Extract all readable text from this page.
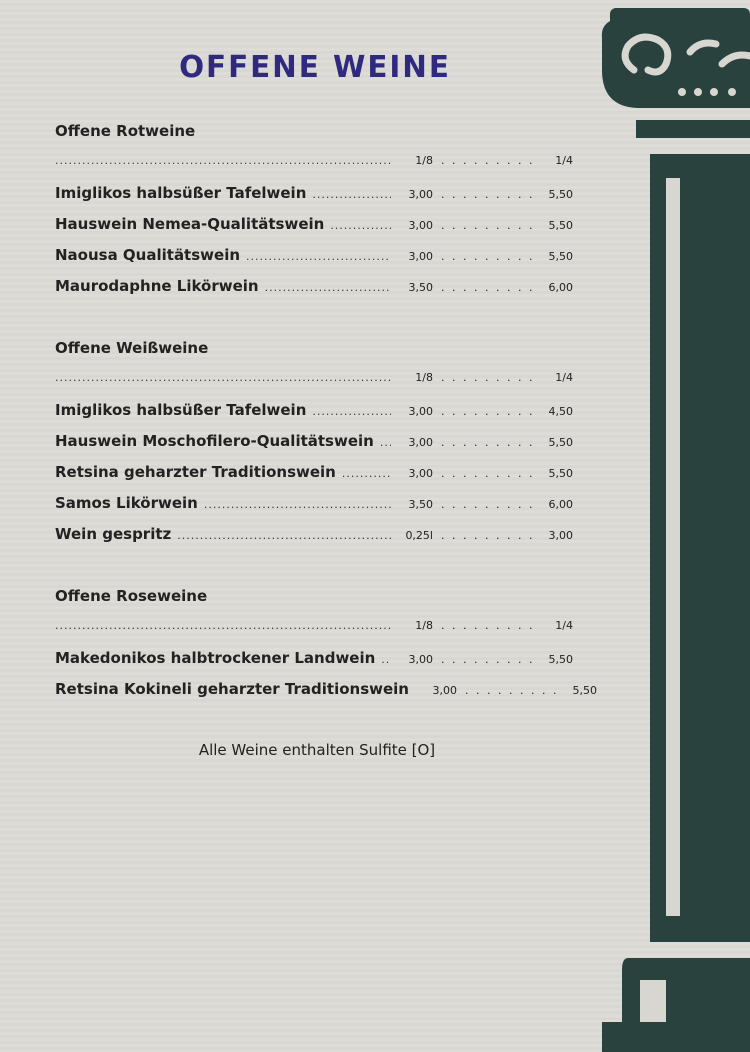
OFFENE WEINE
Offene Rotweine
.....
1/8 . . .	1/4
Imiglikos halbsüßer Tafelwein .....	3,00 . . .	5,50
Hauswein Nemea-Qualitätswein .....	3,00 . . .	5,50
Naousa Qualitätswein .....	3,00 . . .	5,50
Maurodaphne Likörwein .....	3,50 . . .	6,00
Offene Weißweine
.....
1/8 . . .	1/4
Imiglikos halbsüßer Tafelwein .....	3,00 . . .	4,50
Hauswein Moschofilero-Qualitätswein .....	3,00 . . .	5,50
Retsina geharzter Traditionswein .....	3,00 . . .	5,50
Samos Likörwein .....	3,50 . . .	6,00
Wein gespritz .....	0,25l . . .	3,00
Offene Roseweine
.....
1/8 . . .	1/4
Makedonikos halbtrockener Landwein .....	3,00 . . .	5,50
Retsina Kokineli geharzter Traditionswein	3,00 . . .	5,50
Alle Weine enthalten Sulfite [O]
